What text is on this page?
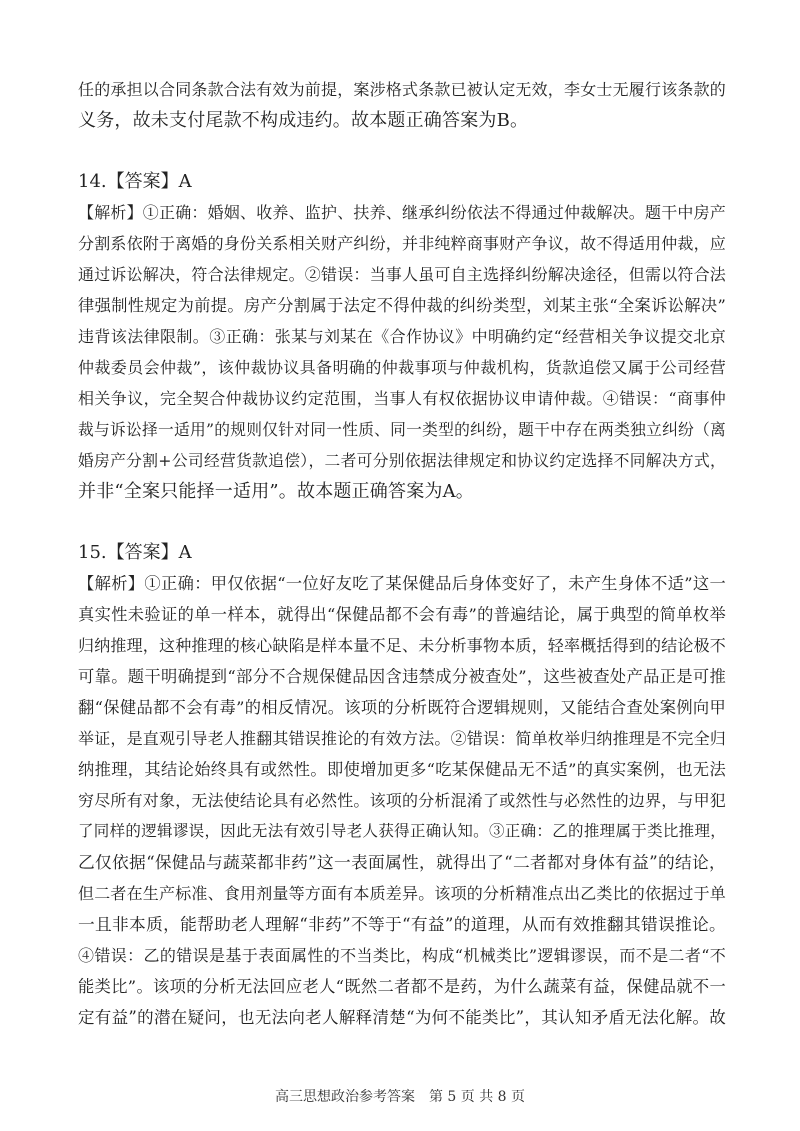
任的承担以合同条款合法有效为前提，案涉格式条款已被认定无效，李女士无履行该条款的
义务，故未支付尾款不构成违约。故本题正确答案为B。
14.【答案】A
【解析】①正确：婚姻、收养、监护、扶养、继承纠纷依法不得通过仲裁解决。题干中房产
分割系依附于离婚的身份关系相关财产纠纷，并非纯粹商事财产争议，故不得适用仲裁，应
通过诉讼解决，符合法律规定。②错误：当事人虽可自主选择纠纷解决途径，但需以符合法
律强制性规定为前提。房产分割属于法定不得仲裁的纠纷类型，刘某主张“全案诉讼解决”
违背该法律限制。③正确：张某与刘某在《合作协议》中明确约定“经营相关争议提交北京
仲裁委员会仲裁”，该仲裁协议具备明确的仲裁事项与仲裁机构，货款追偿又属于公司经营
相关争议，完全契合仲裁协议约定范围，当事人有权依据协议申请仲裁。④错误：“商事仲
裁与诉讼择一适用”的规则仅针对同一性质、同一类型的纠纷，题干中存在两类独立纠纷（离
婚房产分割+公司经营货款追偿），二者可分别依据法律规定和协议约定选择不同解决方式，
并非“全案只能择一适用”。故本题正确答案为A。
15.【答案】A
【解析】①正确：甲仅依据“一位好友吃了某保健品后身体变好了，未产生身体不适”这一
真实性未验证的单一样本，就得出“保健品都不会有毒”的普遍结论，属于典型的简单枚举
归纳推理，这种推理的核心缺陷是样本量不足、未分析事物本质，轻率概括得到的结论极不
可靠。题干明确提到“部分不合规保健品因含违禁成分被查处”，这些被查处产品正是可推
翻“保健品都不会有毒”的相反情况。该项的分析既符合逻辑规则，又能结合查处案例向甲
举证，是直观引导老人推翻其错误推论的有效方法。②错误：简单枚举归纳推理是不完全归
纳推理，其结论始终具有或然性。即使增加更多“吃某保健品无不适”的真实案例，也无法
穷尽所有对象，无法使结论具有必然性。该项的分析混淆了或然性与必然性的边界，与甲犯
了同样的逻辑谬误，因此无法有效引导老人获得正确认知。③正确：乙的推理属于类比推理，
乙仅依据“保健品与蔬菜都非药”这一表面属性，就得出了“二者都对身体有益”的结论，
但二者在生产标准、食用剂量等方面有本质差异。该项的分析精准点出乙类比的依据过于单
一且非本质，能帮助老人理解“非药”不等于“有益”的道理，从而有效推翻其错误推论。
④错误：乙的错误是基于表面属性的不当类比，构成“机械类比”逻辑谬误，而不是二者“不
能类比”。该项的分析无法回应老人“既然二者都不是药，为什么蔬菜有益，保健品就不一
定有益”的潜在疑问，也无法向老人解释清楚“为何不能类比”，其认知矛盾无法化解。故
高三思想政治参考答案　第 5 页 共 8 页
